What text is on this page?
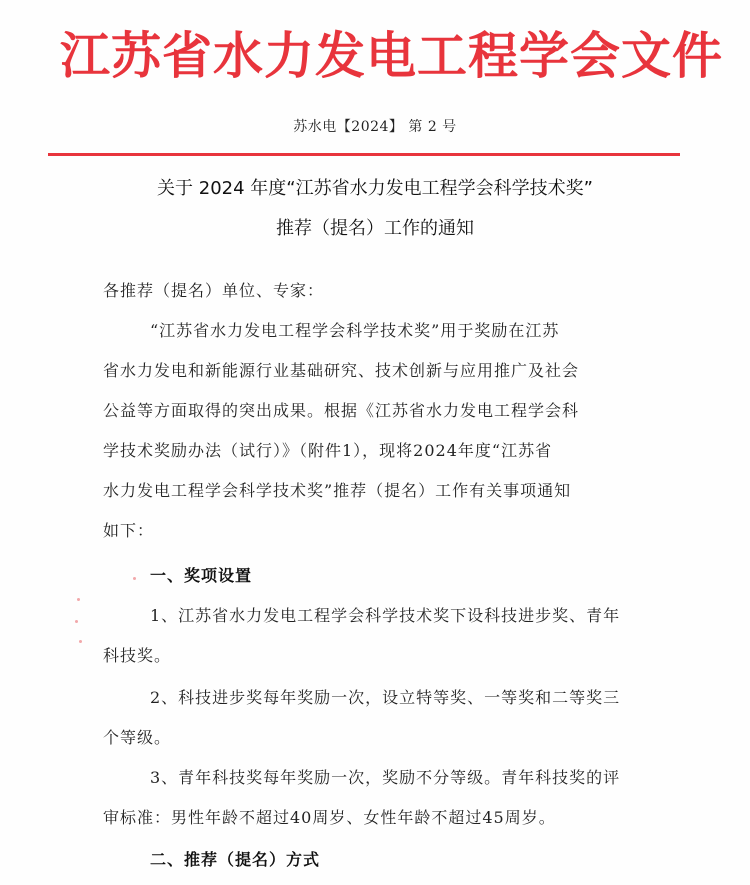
江苏省水力发电工程学会文件
苏水电【2024】 第 2 号
关于 2024 年度“江苏省水力发电工程学会科学技术奖”
推荐（提名）工作的通知
各推荐（提名）单位、专家：
“江苏省水力发电工程学会科学技术奖”用于奖励在江苏
省水力发电和新能源行业基础研究、技术创新与应用推广及社会
公益等方面取得的突出成果。根据《江苏省水力发电工程学会科
学技术奖励办法（试行）》（附件1），现将2024年度“江苏省
水力发电工程学会科学技术奖”推荐（提名）工作有关事项通知
如下：
一、奖项设置
1、江苏省水力发电工程学会科学技术奖下设科技进步奖、青年
科技奖。
2、科技进步奖每年奖励一次，设立特等奖、一等奖和二等奖三
个等级。
3、青年科技奖每年奖励一次，奖励不分等级。青年科技奖的评
审标准：男性年龄不超过40周岁、女性年龄不超过45周岁。
二、推荐（提名）方式
